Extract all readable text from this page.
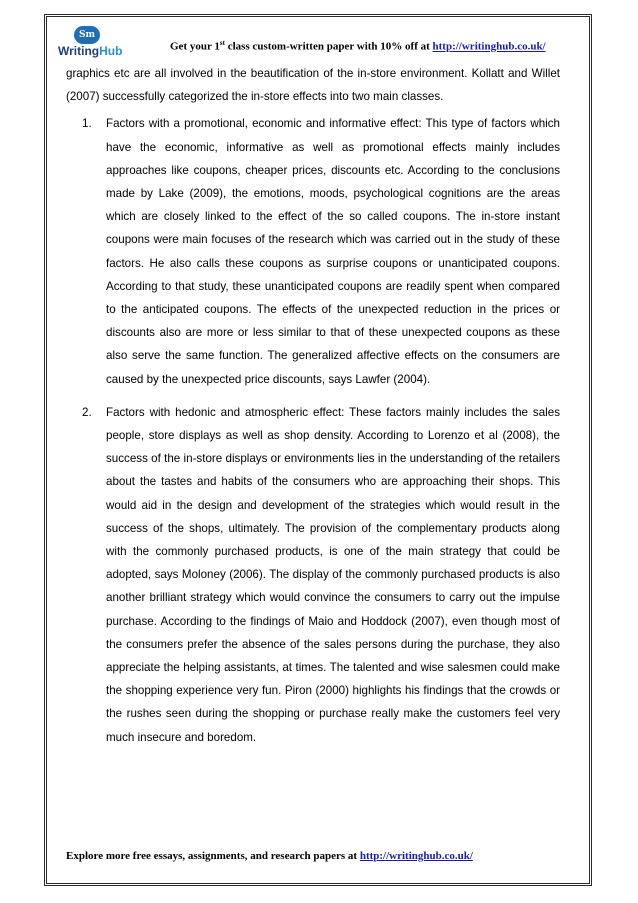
Sm
WritingHub	Get your 1st class custom-written paper with 10% off at http://writinghub.co.uk/

graphics etc are all involved in the beautification of the in-store environment. Kollatt and Willet (2007) successfully categorized the in-store effects into two main classes.

1. Factors with a promotional, economic and informative effect: This type of factors which have the economic, informative as well as promotional effects mainly includes approaches like coupons, cheaper prices, discounts etc. According to the conclusions made by Lake (2009), the emotions, moods, psychological cognitions are the areas which are closely linked to the effect of the so called coupons. The in-store instant coupons were main focuses of the research which was carried out in the study of these factors. He also calls these coupons as surprise coupons or unanticipated coupons. According to that study, these unanticipated coupons are readily spent when compared to the anticipated coupons. The effects of the unexpected reduction in the prices or discounts also are more or less similar to that of these unexpected coupons as these also serve the same function. The generalized affective effects on the consumers are caused by the unexpected price discounts, says Lawfer (2004).
2. Factors with hedonic and atmospheric effect: These factors mainly includes the sales people, store displays as well as shop density. According to Lorenzo et al (2008), the success of the in-store displays or environments lies in the understanding of the retailers about the tastes and habits of the consumers who are approaching their shops. This would aid in the design and development of the strategies which would result in the success of the shops, ultimately. The provision of the complementary products along with the commonly purchased products, is one of the main strategy that could be adopted, says Moloney (2006). The display of the commonly purchased products is also another brilliant strategy which would convince the consumers to carry out the impulse purchase. According to the findings of Maio and Hoddock (2007), even though most of the consumers prefer the absence of the sales persons during the purchase, they also appreciate the helping assistants, at times. The talented and wise salesmen could make the shopping experience very fun. Piron (2000) highlights his findings that the crowds or the rushes seen during the shopping or purchase really make the customers feel very much insecure and boredom.
Explore more free essays, assignments, and research papers at http://writinghub.co.uk/
